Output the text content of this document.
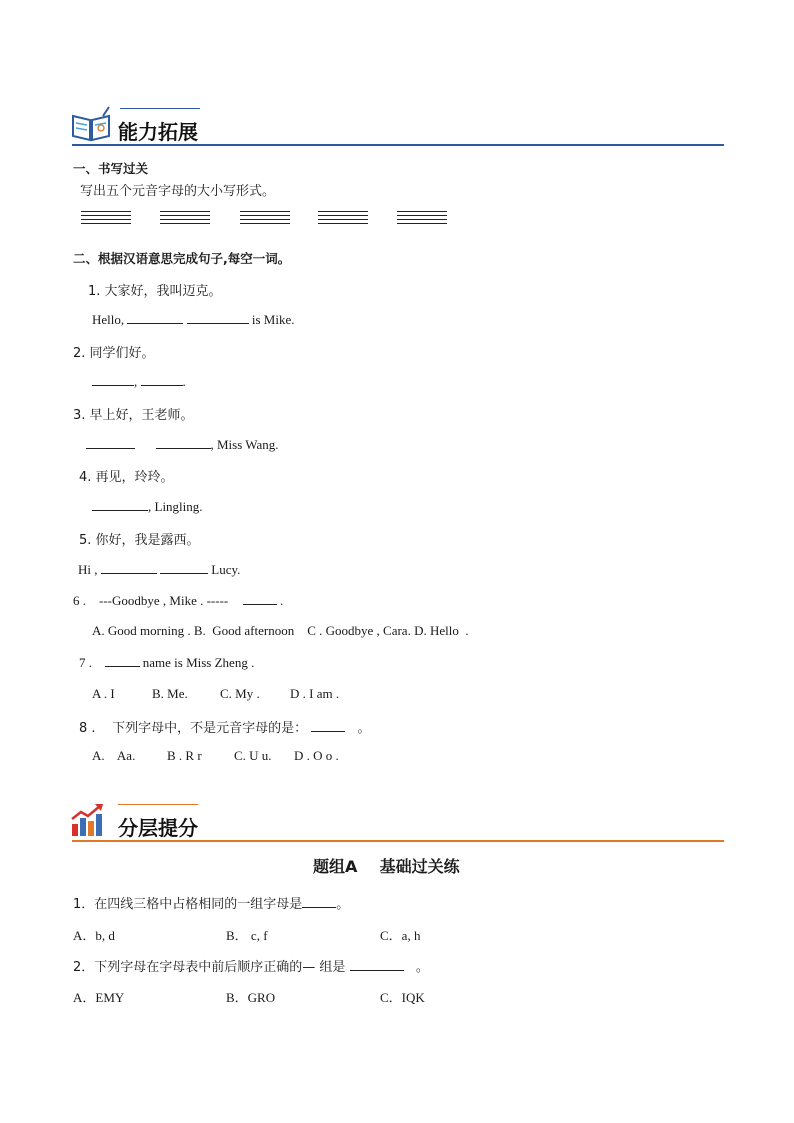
能力拓展
一、书写过关
写出五个元音字母的大小写形式。
二、根据汉语意思完成句子,每空一词。
1. 大家好，我叫迈克。
Hello,	is Mike.
2. 同学们好。
,	.
3. 早上好，王老师。
, Miss Wang.
4. 再见，玲玲。
, Lingling.
5. 你好，我是露西。
Hi ,	Lucy.
6 .    ---Goodbye , Mike . -----	.
A. Good morning . B.  Good afternoon    C . Goodbye , Cara. D. Hello  .
7 .	name is Miss Zheng .
A . I	B. Me. C. My . D . I am .
8 .    下列字母中，不是元音字母的是：	。
A.    Aa. B . R r C. U u. D . O o .
分层提分
题组A    基础过关练
1．在四线三格中占格相同的一组字母是	。
A．b, d	B． c, f	C．a, h
2．下列字母在字母表中前后顺序正确的— 组是	。
A．EMY	B．GRO	C．IQK
